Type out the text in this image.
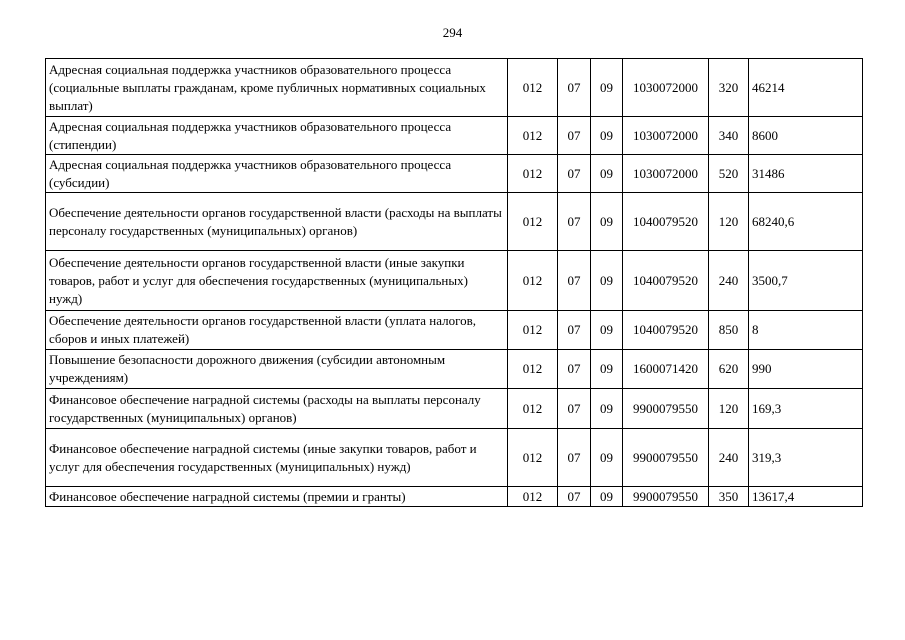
294
Адресная социальная поддержка участников образовательного процесса (социальные выплаты гражданам, кроме публичных нормативных социальных выплат)	012	07	09	1030072000	320	46214
Адресная социальная поддержка участников образовательного процесса (стипендии)	012	07	09	1030072000	340	8600
Адресная социальная поддержка участников образовательного процесса (субсидии)	012	07	09	1030072000	520	31486
Обеспечение деятельности органов государственной власти (расходы на выплаты персоналу государственных (муниципальных) органов)	012	07	09	1040079520	120	68240,6
Обеспечение деятельности органов государственной власти (иные закупки товаров, работ и услуг для обеспечения государственных (муниципальных) нужд)	012	07	09	1040079520	240	3500,7
Обеспечение деятельности органов государственной власти (уплата налогов, сборов и иных платежей)	012	07	09	1040079520	850	8
Повышение безопасности дорожного движения (субсидии автономным учреждениям)	012	07	09	1600071420	620	990
Финансовое обеспечение наградной системы (расходы на выплаты персоналу государственных (муниципальных) органов)	012	07	09	9900079550	120	169,3
Финансовое обеспечение наградной системы (иные закупки товаров, работ и услуг для обеспечения государственных (муниципальных) нужд)	012	07	09	9900079550	240	319,3
Финансовое обеспечение наградной системы (премии и гранты)	012	07	09	9900079550	350	13617,4
